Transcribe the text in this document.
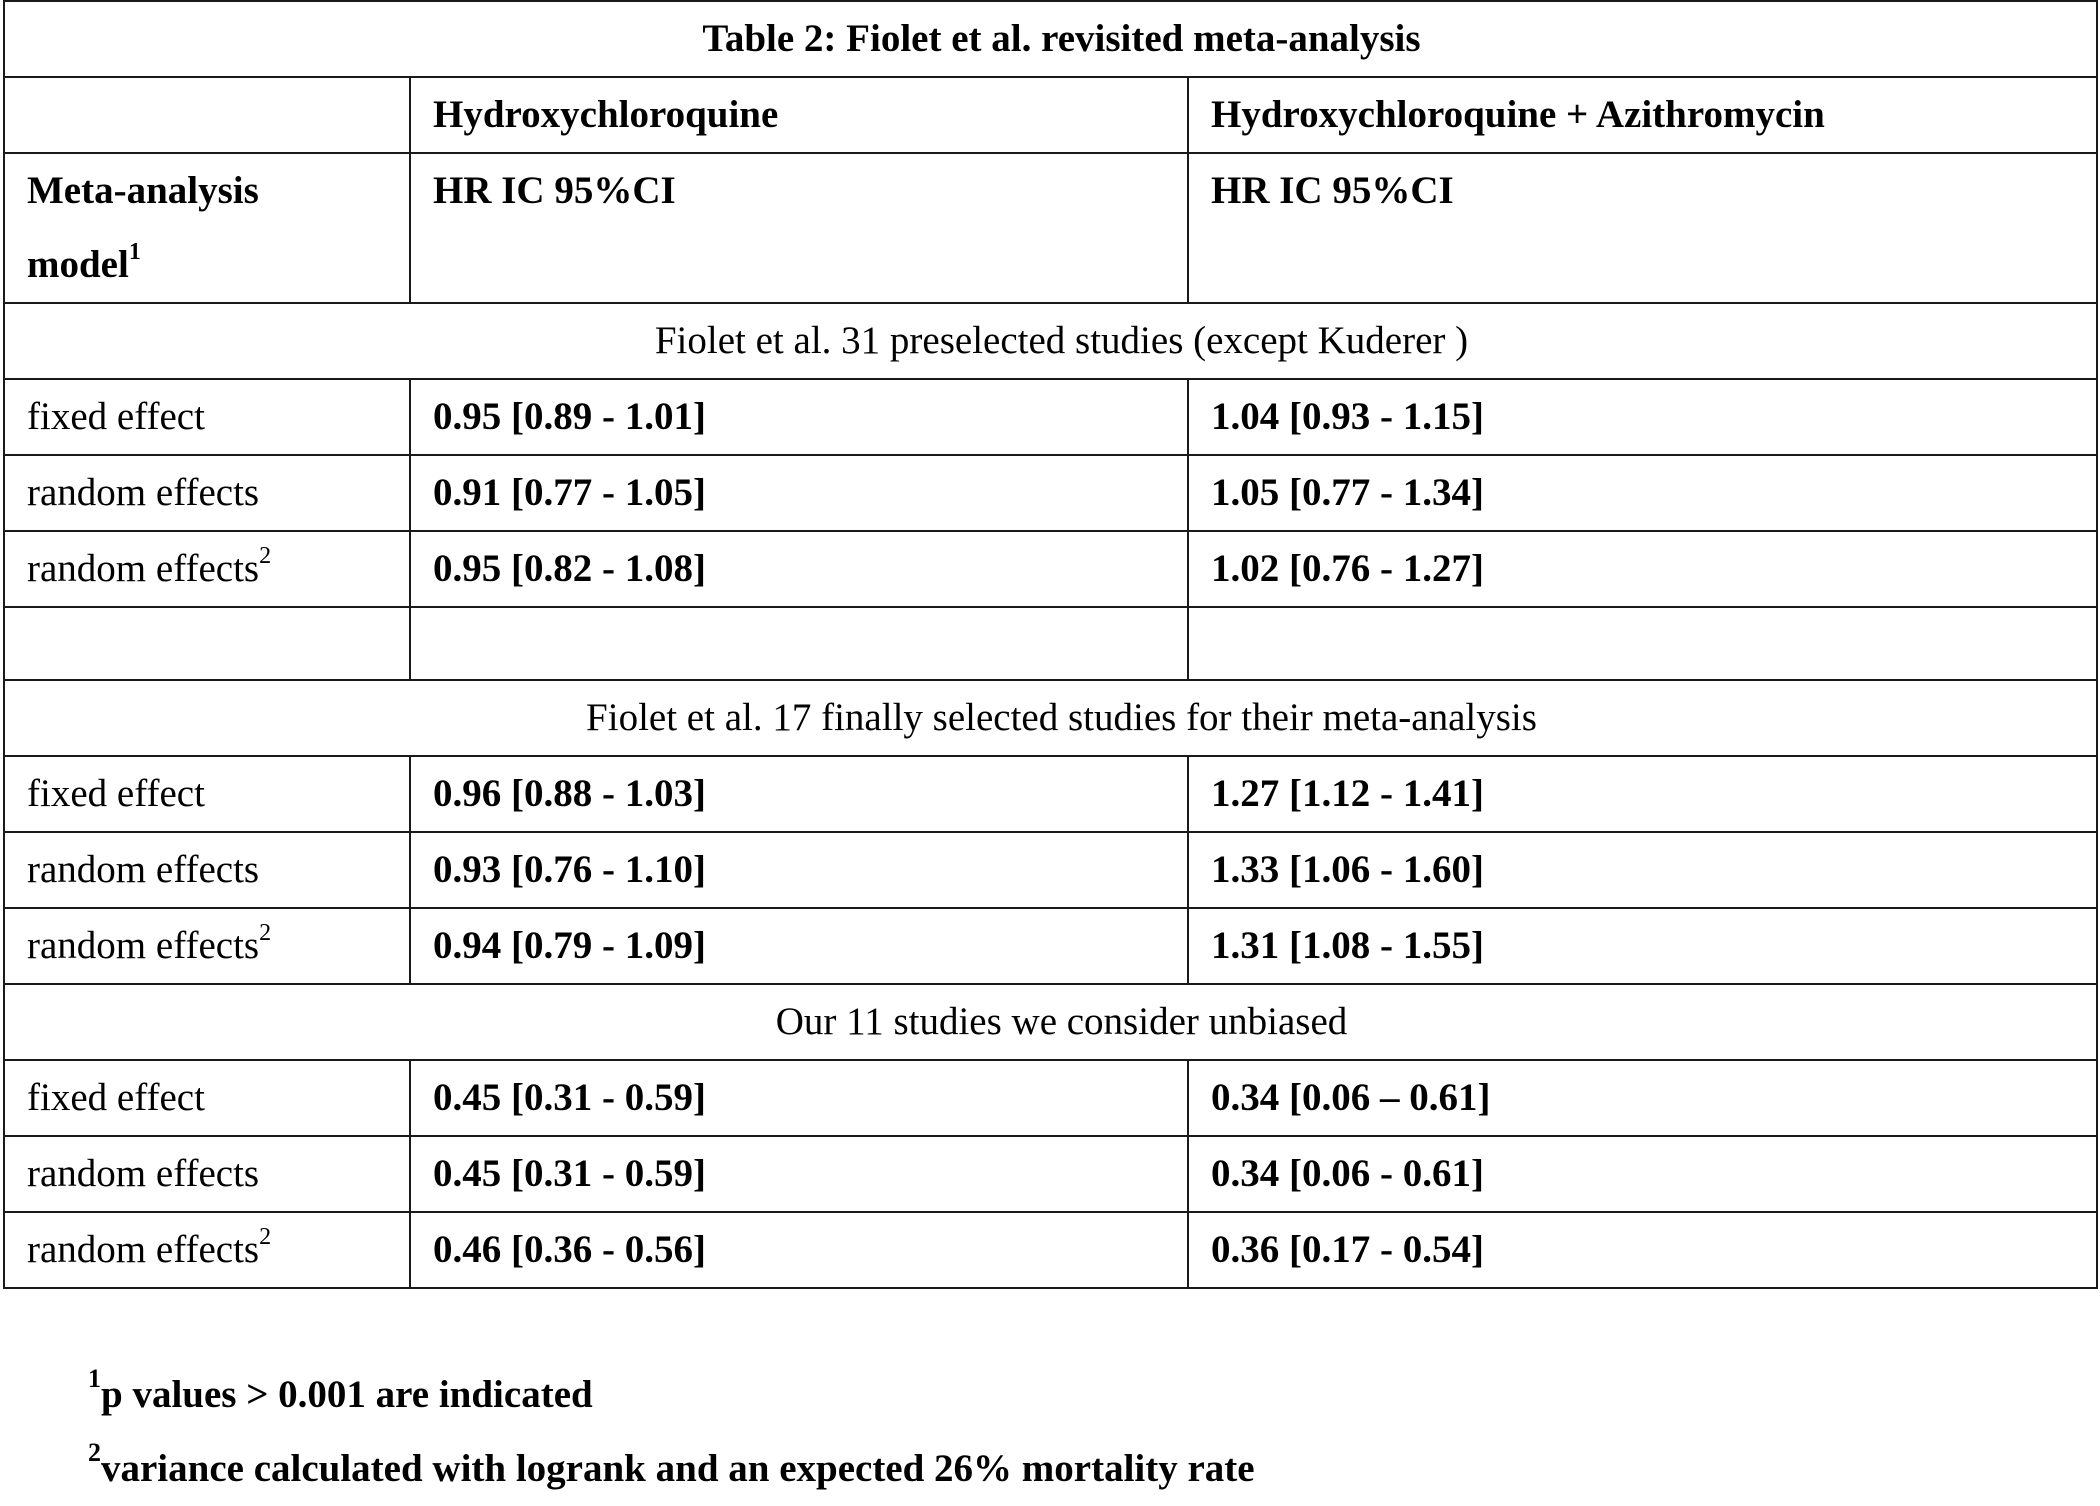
Table 2: Fiolet et al. revisited meta-analysis		
	Hydroxychloroquine	Hydroxychloroquine + Azithromycin
Meta-analysis
model$^1$	HR IC 95%CI	HR IC 95%CI
Fiolet et al. 31 preselected studies (except Kuderer )		
fixed effect	0.95 [0.89 - 1.01]	1.04 [0.93 - 1.15]
random effects	0.91 [0.77 - 1.05]	1.05 [0.77 - 1.34]
random effects$^2$	0.95 [0.82 - 1.08]	1.02 [0.76 - 1.27]

Fiolet et al. 17 finally selected studies for their meta-analysis		
fixed effect	0.96 [0.88 - 1.03]	1.27 [1.12 - 1.41]
random effects	0.93 [0.76 - 1.10]	1.33 [1.06 - 1.60]
random effects$^2$	0.94 [0.79 - 1.09]	1.31 [1.08 - 1.55]
Our 11 studies we consider unbiased		
fixed effect	0.45 [0.31 - 0.59]	0.34 [0.06 – 0.61]
random effects	0.45 [0.31 - 0.59]	0.34 [0.06 - 0.61]
random effects$^2$	0.46 [0.36 - 0.56]	0.36 [0.17 - 0.54]
$^1$p values > 0.001 are indicated
$^2$variance calculated with logrank and an expected 26% mortality rate
